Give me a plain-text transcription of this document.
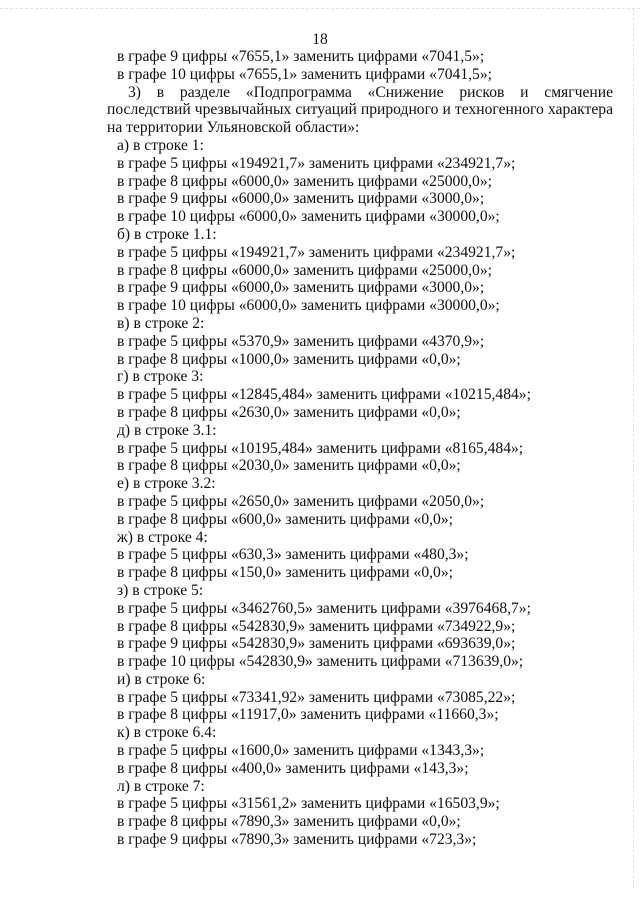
18
в графе 9 цифры «7655,1» заменить цифрами «7041,5»;
в графе 10 цифры «7655,1» заменить цифрами «7041,5»;
3) в разделе «Подпрограмма «Снижение рисков и смягчение последствий чрезвычайных ситуаций природного и техногенного характера на территории Ульяновской области»:
а) в строке 1:
в графе 5 цифры «194921,7» заменить цифрами «234921,7»;
в графе 8 цифры «6000,0» заменить цифрами «25000,0»;
в графе 9 цифры «6000,0» заменить цифрами «3000,0»;
в графе 10 цифры «6000,0» заменить цифрами «30000,0»;
б) в строке 1.1:
в графе 5 цифры «194921,7» заменить цифрами «234921,7»;
в графе 8 цифры «6000,0» заменить цифрами «25000,0»;
в графе 9 цифры «6000,0» заменить цифрами «3000,0»;
в графе 10 цифры «6000,0» заменить цифрами «30000,0»;
в) в строке 2:
в графе 5 цифры «5370,9» заменить цифрами «4370,9»;
в графе 8 цифры «1000,0» заменить цифрами «0,0»;
г) в строке 3:
в графе 5 цифры «12845,484» заменить цифрами «10215,484»;
в графе 8 цифры «2630,0» заменить цифрами «0,0»;
д) в строке 3.1:
в графе 5 цифры «10195,484» заменить цифрами «8165,484»;
в графе 8 цифры «2030,0» заменить цифрами «0,0»;
е) в строке 3.2:
в графе 5 цифры «2650,0» заменить цифрами «2050,0»;
в графе 8 цифры «600,0» заменить цифрами «0,0»;
ж) в строке 4:
в графе 5 цифры «630,3» заменить цифрами «480,3»;
в графе 8 цифры «150,0» заменить цифрами «0,0»;
з) в строке 5:
в графе 5 цифры «3462760,5» заменить цифрами «3976468,7»;
в графе 8 цифры «542830,9» заменить цифрами «734922,9»;
в графе 9 цифры «542830,9» заменить цифрами «693639,0»;
в графе 10 цифры «542830,9» заменить цифрами «713639,0»;
и) в строке 6:
в графе 5 цифры «73341,92» заменить цифрами «73085,22»;
в графе 8 цифры «11917,0» заменить цифрами «11660,3»;
к) в строке 6.4:
в графе 5 цифры «1600,0» заменить цифрами «1343,3»;
в графе 8 цифры «400,0» заменить цифрами «143,3»;
л) в строке 7:
в графе 5 цифры «31561,2» заменить цифрами «16503,9»;
в графе 8 цифры «7890,3» заменить цифрами «0,0»;
в графе 9 цифры «7890,3» заменить цифрами «723,3»;
